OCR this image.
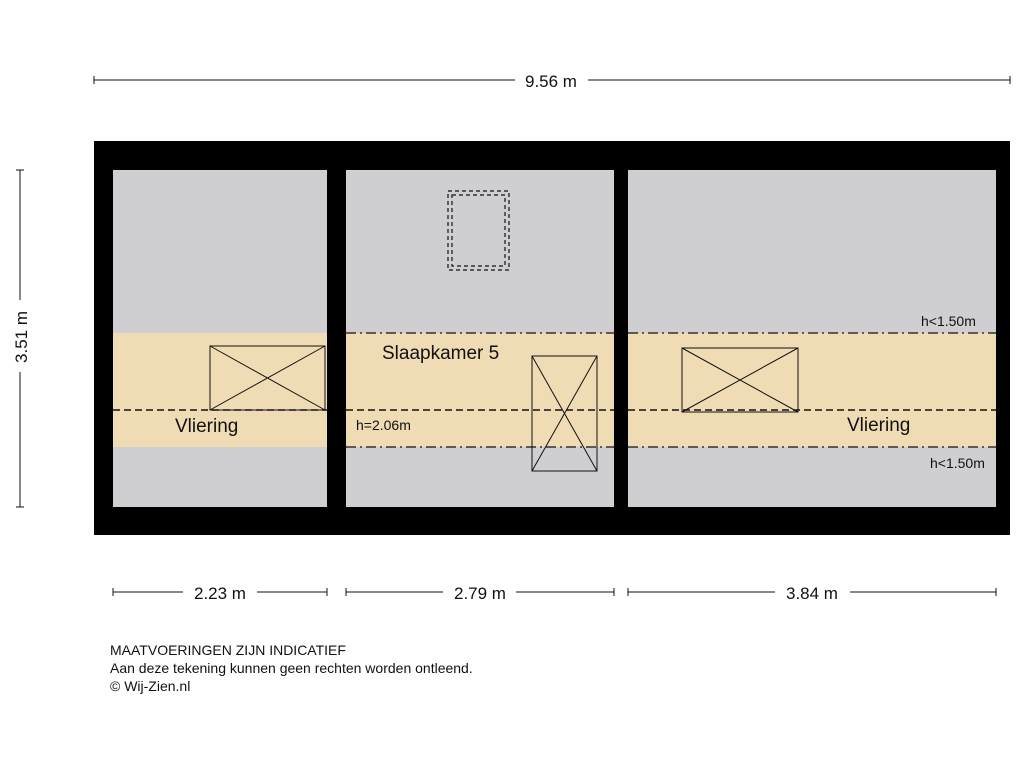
9.56 m
3.51 m
Vliering
Slaapkamer 5
Vliering
h=2.06m
h<1.50m
h<1.50m
2.23 m	2.79 m	3.84 m
MAATVOERINGEN ZIJN INDICATIEF
Aan deze tekening kunnen geen rechten worden ontleend.
© Wij-Zien.nl
